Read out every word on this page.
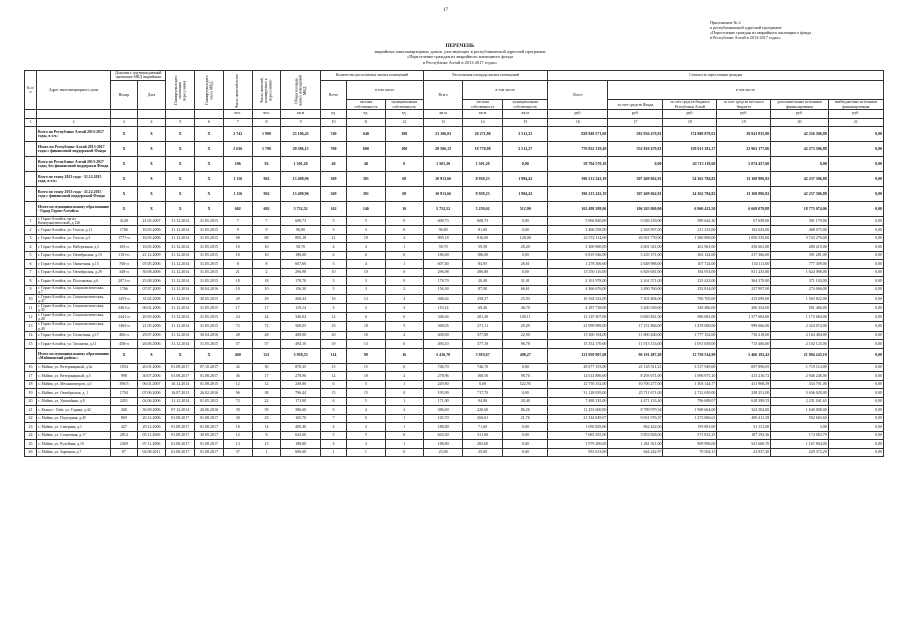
17
Приложение № 2
к республиканской адресной программе
«Переселение граждан из аварийного жилищного фонда
в Республике Алтай в 2013-2017 годах»
ПЕРЕЧЕНЬ
аварийных многоквартирных домов, участвующих в республиканской адресной программе
«Переселение граждан из аварийного жилищного фонда
в Республике Алтай в 2013-2017 годах»
№ п/п	Адрес многоквартирного дома	Документ, подтверждающий признание МКД аварийным		Планируемая дата окончания переселения	Планируемая дата сноса МКД	Число жителей всего	Число жителей, планируемых к переселению	Общая площадь жилых помещений МКД	Количество расселяемых жилых помещений			Расселяемая площадь жилых помещений			Стоимость переселения граждан					
		Номер	Дата						Всего	в том числе:		Всего	в том числе:		Всего	в том числе:				
										частная собственность	муниципальная собственность		частная собственность	муниципальная собственность		за счет средств Фонда	за счет средств бюджета Республики Алтай	за счет средств местного бюджета	дополнительные источники финансирования	внебюджетные источники финансирования
						чел.	чел.	кв.м	ед.	ед.	ед.	кв.м	кв.м	кв.м	руб.	руб.	руб.	руб.	руб.	руб.
1	2	3	4	5	6	7	8	9	10	11	12	13	14	15	16	17	18	19	20	21
	Всего по Республике Алтай 2013-2017 годы, в т.ч.:	X	X	X	X	2 742	1 990	23 106,43	740	640	100	23 106,03	20 271,80	2 512,23	828 948 571,69	582 836 479,81	174 088 879,63	39 841 835,80	42 256 306,88	0,00
	Итого по Республике Алтай 2013-2017 годы с финансовой поддержкой Фонда	X	X	X	X	2 636	1 798	20 586,15	700	600	100	20 586,15	18 770,08	2 512,27	776 822 319,49	552 810 479,81	158 013 381,27	23 963 177,06	42 273 306,88	0,00
	Всего по Республике Алтай 2013-2017 годы, без финансовой поддержки Фонда	X	X	X	X	106	92	1 501,20	40	40	0	1 501,20	1 501,20	0,00	58 794 570,18	0,00	43 715 118,60	5 074 457,60	0,00	0,00
	Всего по этапу 2013 года - 31.12.2015 года, в т.ч.:	X	X	X	X	1 116	962	13 490,96	369	301	68	10 913,66	8 939,23	1 994,43	396 213 243,19	307 469 062,91	54 362 784,82	13 168 896,82	42 257 306,88	0,00
	Всего по этапу 2013 года - 31.12.2015 года с финансовой поддержкой Фонда	X	X	X	X	1 116	962	13 490,96	369	301	68	10 913,66	8 939,23	1 994,43	396 213 243,19	307 469 062,91	34 362 784,82	13 168 896,82	42 257 306,88	0,00
	Итого по муниципальному образованию - Город Горно-Алтайск:	X	X	X	X	602	602	5 752,52	162	146	16	5 752,52	5 239,62	512,90	162 498 288,06	106 265 800,00	6 966 423,50	6 668 079,88	18 775 074,06	0,00
1	г. Горно-Алтайск, пр-кт Коммунистический, д.126	4128	21.05.2007	31.12.2014	31.05.2015	7	7	608,73	5	5	0	608,73	608,73	0,00	5 966 840,00	5 029 239,00	589 644,20	67 658,00	301 179,00	0,00
2	г. Горно-Алтайск, ул. Гоголя, д.11	1766	10.05.2006	31.12.2014	31.05.2015	9	9	96,80	3	3	0	96,80	81,60	0,00	3 406 558,00	2 563 997,00	211 233,00	162 643,00	468 075,00	0,00
3	г. Горно-Алтайск, ул. Гоголя, д.3	1777-п	16.05.2006	31.12.2014	31.05.2015	68	68	895,18	21	19	2	895,18	816,00	128,08	25 572 114,00	26 561 770,00	1 360 800,00	1 056 535,00	3 743 276,00	0,00
4	г. Горно-Алтайск, ул. Набережная, д.5	103-п	16.05.2006	31.12.2014	31.05.2015	10	10	58,70	4	3	1	58,70	59,50	20,20	3 300 800,00	2 601 541,00	261 961,00	256 661,00	280 210,00	0,00
5	г. Горно-Алтайск, ул. Октябрьская, д.13	1101-п	21.12.2009	31.12.2014	31.05.2015	10	10	186,00	6	6	0	186,00	186,00	0,00	6 819 546,00	5 235 371,00	363 124,00	217 366,00	391 281,00	0,00
6	г. Горно-Алтайск, ул. Оконечная, д.15	760-п	07.05.2006	31.12.2014	31.05.2015	8	8	607,60	5	4	1	607,60	84,95	26,61	1 278 306,00	2 648 988,00	107 724,00	154 111,00	777 309,00	0,00
7	г. Горно-Алтайск, ул. Октябрьская, д.29	348-п	30.08.2006	31.12.2014	31.05.2015	21	2	296,98	10	10	0	296,98	496,80	0,00	13 550 116,00	6 829 681,00	184 953,00	811 235,00	1 624 098,00	0,00
8	г. Горно-Алтайск, ул. Поселковая, д.6	2071-п	25.08.2006	31.12.2014	31.05.2015	18	18	178,70	3	3	0	178,70	20,40	31,01	2 101 978,00	2 161 571,00	235 423,00	364 370,00	371 103,00	0,00
9	г. Горно-Алтайск, ул. Социалистическая, д.7	1766	07.07.2009	31.12.2014	30.04.2016	10	10	156,30	5	3	2	156,30	87,90	66,61	4 366 676,00	3 490 760,00	352 814,00	237 997,00	274 066,00	0,00
10	г. Горно-Алтайск, ул. Социалистическая, д.47	1455-п	31.02.2008	31.12.2014	30.05.2015	29	29	268,44	16	12	4	268,44	258,37	25,93	10 164 332,00	7 201 804,00	700 765,00	415 699,00	1 563 822,00	0,00
11	г. Горно-Алтайск, ул. Социалистическая, д.45	2461-п	06.02.2006	31.12.2014	31.05.2015	17	17	119,14	4	2	2	119,14	69,46	46,70	4 187 738,00	3 200 339,00	349 486,00	206 354,00	501 466,00	0,00
12	г. Горно-Алтайск, ул. Социалистическая, д.48	2441-п	20.05.2006	31.12.2014	31.05.2015	24	24	346,04	12	6	6	346,04	201,20	100,11	13 125 307,00	6 820 841,00	686 681,00	1 377 684,00	1 173 684,00	0,00
13	г. Горно-Алтайск, ул. Социалистическая, д.40	1465-п	21.05.2006	31.12.2014	31.05.2015	72	72	568,05	23	18	5	568,05	271,11	29,29	21 998 989,00	17 151 866,00	1 478 000,00	999 666,00	2 324 074,00	0,00
14	г. Горно-Алтайск, ул. Солнечная, д.17	466-п	29.07.2006	31.12.2014	30.04.2016	28	28	408,00	20	10	2	408,00	377,80	22,90	15 300 194,00	11 800 260,00	1 777 152,00	716 218,00	2 164 484,00	0,00
15	г. Горно-Алтайск, ул. Тиханова, д.11	458-п	20.06.2006	31.12.2014	31.05.2015	57	57	494,10	19	13	6	494,10	377,10	86,78	15 352 170,00	11 913 133,00	1 051 658,00	715 466,00	2 102 125,00	0,00
	Итого по муниципальному образованию «Майминский район»:	X	X	X	X	460	321	5 958,53	114	98	16	5 416,78	3 919,67	490,27	123 959 907,68	96 191 487,49	12 750 534,99	5 466 192,42	21 094 243,19	0,00
16	с. Майма, ул. Ветеринарный, д.3а	1054	20.01.2006	01.08.2017	07.10.2017	42	30	870,35	15	15	0	746,70	746,70	0,00	28 677 193,00	21 145 511,21	3 517 949,00	697 896,05	1 719 114,00	0,00
17	с. Майма, ул. Ветеринарный, д.5	998	30.07.2006	01.08.2017	01.08.2017	36	17	278,96	12	10	2	278,96	168,50	98,70	12 614 886,00	8 293 671,00	1 096 975,10	413 216,72	2 946 246,00	0,00
18	с. Майма, ул. Механизаторов, д.5	396/5	06.01.2007	10.12.2014	01.08.2015	12	12	249,80	6	5	1	249,80	0,00	522,95	12 750 152,00	10 700 277,00	1 303 144,77	411 968,39	334 701,00	0,00
19	с. Майма, ул. Октябрьская, д. 1	1794	07.06.2006	16.07.2013	26.02.2016	96	38	796,44	15	15	0	195,90	717,70	0,00	31 128 839,00	25 711 671,00	2 712 639,00	338 251,00	5 636 020,00	0,00
20	с. Майма, ул. Урожайная, д.8	2451	04.06.2006	31.12.2014	01.05.2015	72	22	171,90	6	5	1	171,90	94,80	28,40	7 488 135,00	4 471 133,40	796 698,07	618 399,53	2 231 041,65	0,00
21	с. Кызыл - Озёк, ул. Горная, д.42	268	30.09.2006	07.12.2014	20.06.2016	39	39	386,60	6	4	2	386,60	220,60	86,26	11 253 600,00	8 789 979,34	1 968 664,00	324 302,00	1 640 000,00	0,00
22	с. Майма, ул. Подгорная, д.45	869	20.12.2006	01.08.2017	01.08.2017	30	25	165,70	7	6	1	165,70	260,61	21,76	21 334 849,07	9 651 976,37	1 273 066,61	489 411,39	592 603,60	0,00
23	с. Майма, ул. Северная, д.1	427	29.12.2006	01.08.2017	01.08.2017	18	14	409,40	4	3	1	188,00	71,60	0,00	1 050 829,00	862 422,00	195 891,00	31 131,00	3,00	0,00
24	с. Майма, ул. Солнечная, д.17	2814	05.11.2006	01.08.2017	30.09.2017	12	8	643,00	5	5	0	643,00	311,60	0,00	7 685 455,00	3 853 828,00	571 812,25	187 193,36	174 063,79	0,00
25	с. Майма, ул. Ручейная, д.10	2369	07.11.2006	01.08.2017	01.08.2017	13	13	188,80	4	3	1	188,80	265,60	0,00	1 979 206,00	1 461 911,00	909 996,00	541 660,70	1 167 804,00	0,00
26	с. Майма, ул. Заречная, д.7	87	02.08.2011	01.08.2017	01.08.2017	37	1	686,60	1	1	0	23,00	25,00	0,00	953 613,00	644 242,97	79 504,13	24 837,20	229 372,29	0,00
